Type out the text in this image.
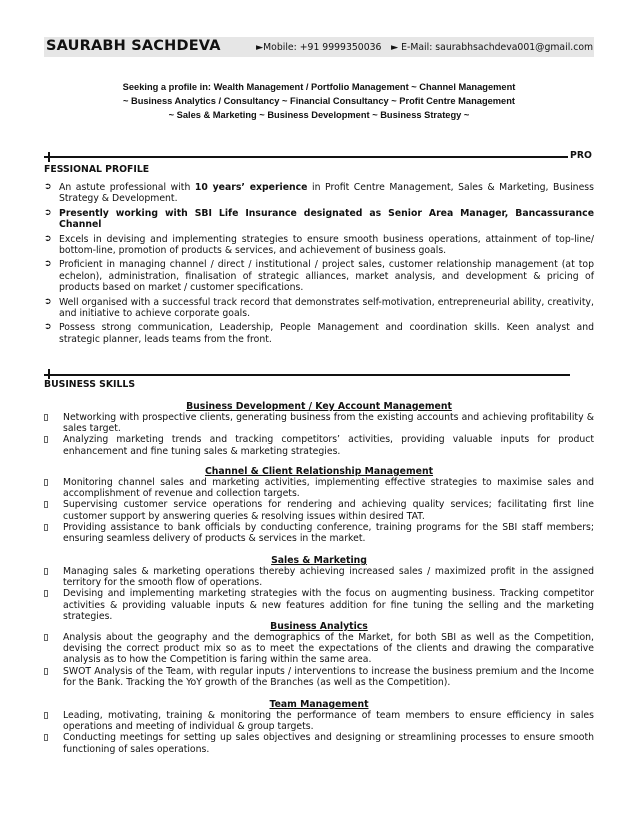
SAURABH SACHDEVA	►Mobile: +91 9999350036 ► E-Mail: saurabhsachdeva001@gmail.com
Seeking a profile in: Wealth Management / Portfolio Management ~ Channel Management
~ Business Analytics / Consultancy ~ Financial Consultancy ~ Profit Centre Management
~ Sales & Marketing ~ Business Development ~ Business Strategy ~
PRO
FESSIONAL PROFILE
➲ An astute professional with 10 years’ experience in Profit Centre Management, Sales & Marketing, Business Strategy & Development.
➲ Presently working with SBI Life Insurance designated as Senior Area Manager, Bancassurance Channel
➲ Excels in devising and implementing strategies to ensure smooth business operations, attainment of top-line/ bottom-line, promotion of products & services, and achievement of business goals.
➲ Proficient in managing channel / direct / institutional / project sales, customer relationship management (at top echelon), administration, finalisation of strategic alliances, market analysis, and development & pricing of products based on market / customer specifications.
➲ Well organised with a successful track record that demonstrates self-motivation, entrepreneurial ability, creativity, and initiative to achieve corporate goals.
➲ Possess strong communication, Leadership, People Management and coordination skills. Keen analyst and strategic planner, leads teams from the front.
BUSINESS SKILLS
Business Development / Key Account Management
Networking with prospective clients, generating business from the existing accounts and achieving profitability & sales target.
Analyzing marketing trends and tracking competitors’ activities, providing valuable inputs for product enhancement and fine tuning sales & marketing strategies.
Channel & Client Relationship Management
Monitoring channel sales and marketing activities, implementing effective strategies to maximise sales and accomplishment of revenue and collection targets.
Supervising customer service operations for rendering and achieving quality services; facilitating first line customer support by answering queries & resolving issues within desired TAT.
Providing assistance to bank officials by conducting conference, training programs for the SBI staff members; ensuring seamless delivery of products & services in the market.
Sales & Marketing
Managing sales & marketing operations thereby achieving increased sales / maximized profit in the assigned territory for the smooth flow of operations.
Devising and implementing marketing strategies with the focus on augmenting business. Tracking competitor activities & providing valuable inputs & new features addition for fine tuning the selling and the marketing strategies.
Business Analytics
Analysis about the geography and the demographics of the Market, for both SBI as well as the Competition, devising the correct product mix so as to meet the expectations of the clients and drawing the comparative analysis as to how the Competition is faring within the same area.
SWOT Analysis of the Team, with regular inputs / interventions to increase the business premium and the Income for the Bank. Tracking the YoY growth of the Branches (as well as the Competition).
Team Management
Leading, motivating, training & monitoring the performance of team members to ensure efficiency in sales operations and meeting of individual & group targets.
Conducting meetings for setting up sales objectives and designing or streamlining processes to ensure smooth functioning of sales operations.
